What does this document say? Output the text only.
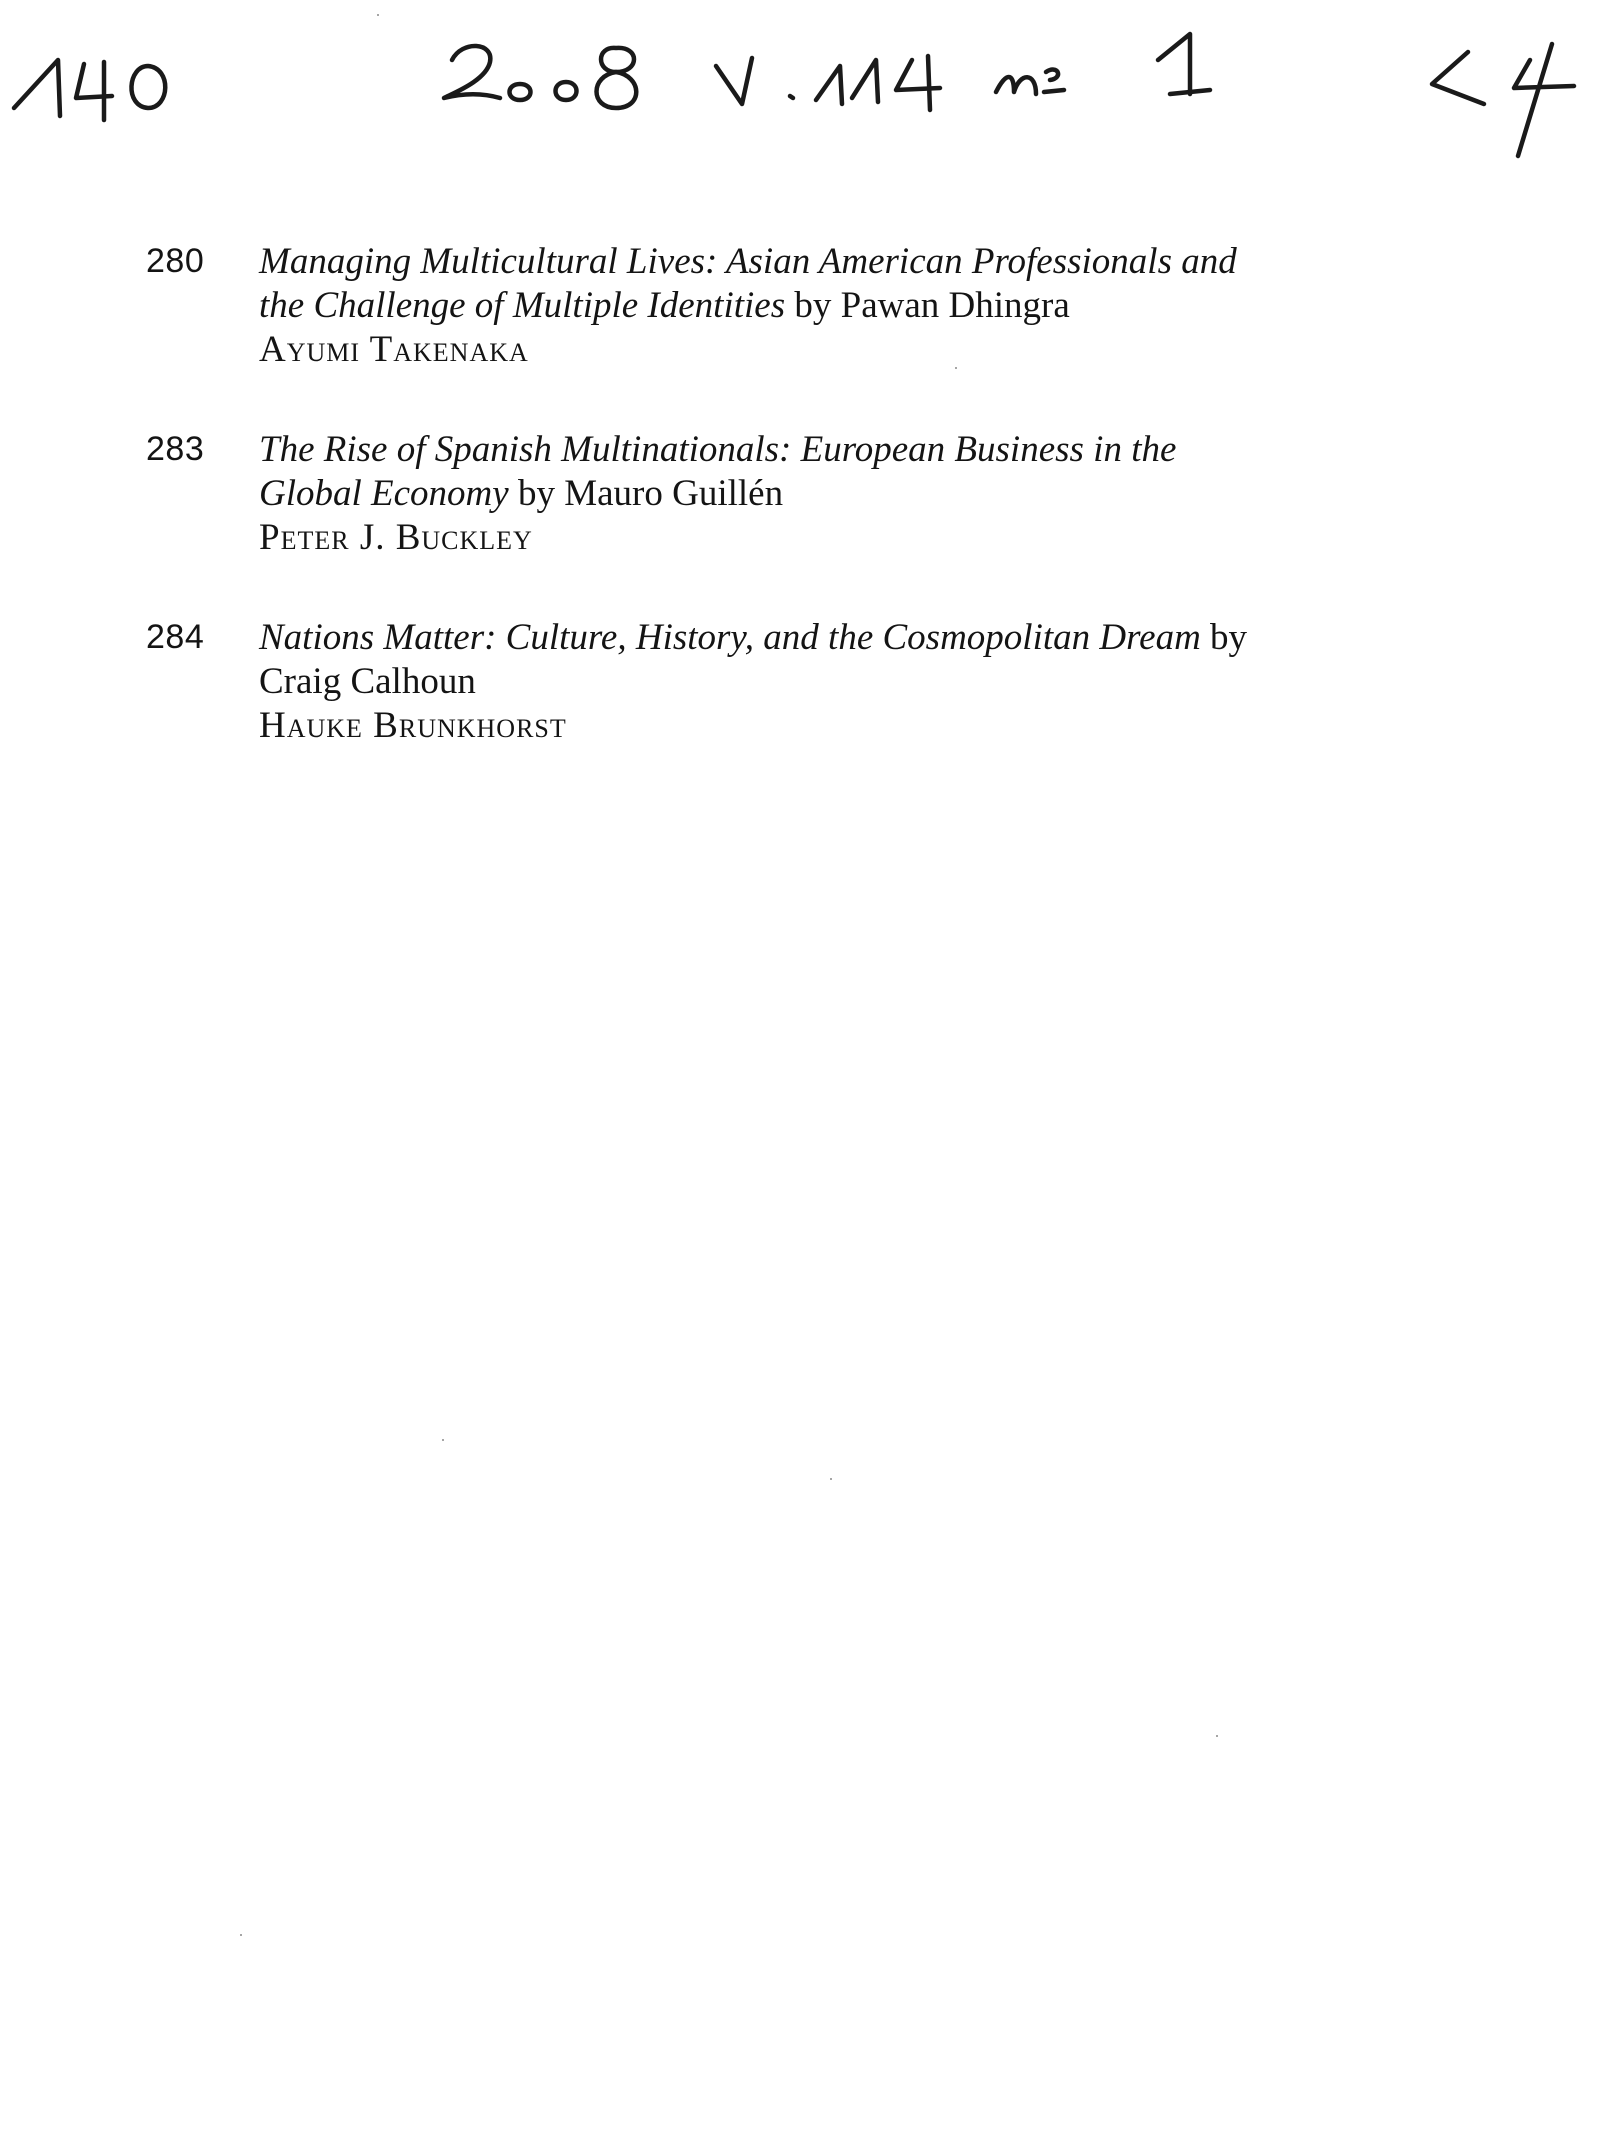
280 Managing Multicultural Lives: Asian American Professionals and
the Challenge of Multiple Identities by Pawan Dhingra
Ayumi Takenaka
283 The Rise of Spanish Multinationals: European Business in the
Global Economy by Mauro Guillén
Peter J. Buckley
284 Nations Matter: Culture, History, and the Cosmopolitan Dream by
Craig Calhoun
Hauke Brunkhorst
